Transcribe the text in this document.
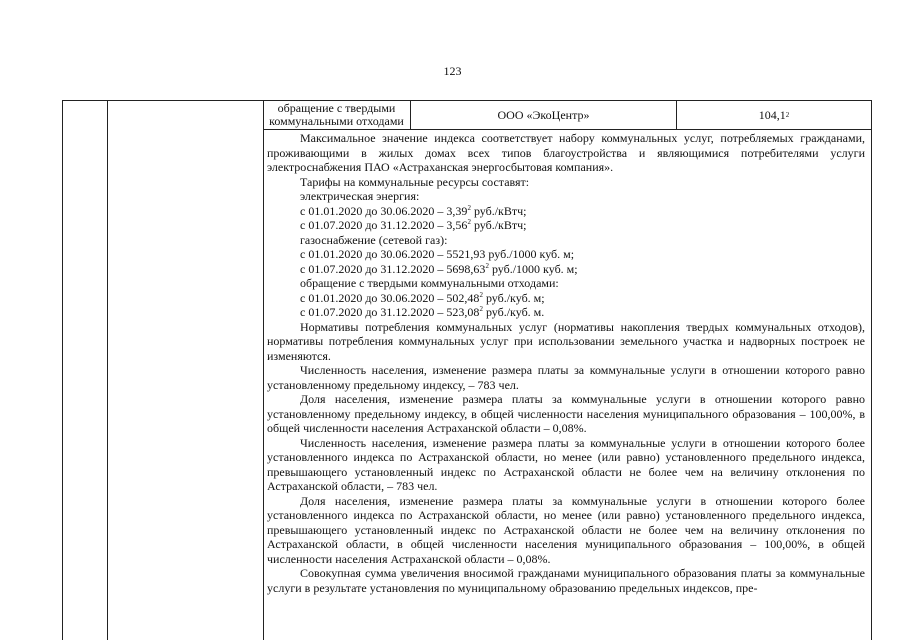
123
обращение с твердыми коммунальными отходами	ООО «ЭкоЦентр»	104,1 2

Максимальное значение индекса соответствует набору коммунальных услуг, потребляемых гражданами, проживающими в жилых домах всех типов благоустройства и являющимися потребителями услуги электроснабжения ПАО «Астраханская энергосбытовая компания».

Тарифы на коммунальные ресурсы составят:

электрическая энергия:

с 01.01.2020 до 30.06.2020 – 3,39$^2$ руб./кВтч;

с 01.07.2020 до 31.12.2020 – 3,56$^2$ руб./кВтч;

газоснабжение (сетевой газ):

с 01.01.2020 до 30.06.2020 – 5521,93 руб./1000 куб. м;

с 01.07.2020 до 31.12.2020 – 5698,63$^2$ руб./1000 куб. м;

обращение с твердыми коммунальными отходами:

с 01.01.2020 до 30.06.2020 – 502,48$^2$ руб./куб. м;

с 01.07.2020 до 31.12.2020 – 523,08$^2$ руб./куб. м.

Нормативы потребления коммунальных услуг (нормативы накопления твердых коммунальных отходов), нормативы потребления коммунальных услуг при использовании земельного участка и надворных построек не изменяются.

Численность населения, изменение размера платы за коммунальные услуги в отношении которого равно установленному предельному индексу, – 783 чел.

Доля населения, изменение размера платы за коммунальные услуги в отношении которого равно установленному предельному индексу, в общей численности населения муниципального образования – 100,00%, в общей численности населения Астраханской области – 0,08%.

Численность населения, изменение размера платы за коммунальные услуги в отношении которого более установленного индекса по Астраханской области, но менее (или равно) установленного предельного индекса, превышающего установленный индекс по Астраханской области не более чем на величину отклонения по Астраханской области, – 783 чел.

Доля населения, изменение размера платы за коммунальные услуги в отношении которого более установленного индекса по Астраханской области, но менее (или равно) установленного предельного индекса, превышающего установленный индекс по Астраханской области не более чем на величину отклонения по Астраханской области, в общей численности населения муниципального образования – 100,00%, в общей численности населения Астраханской области – 0,08%.

Совокупная сумма увеличения вносимой гражданами муниципального образования платы за коммунальные услуги в результате установления по муниципальному образованию предельных индексов, пре-
